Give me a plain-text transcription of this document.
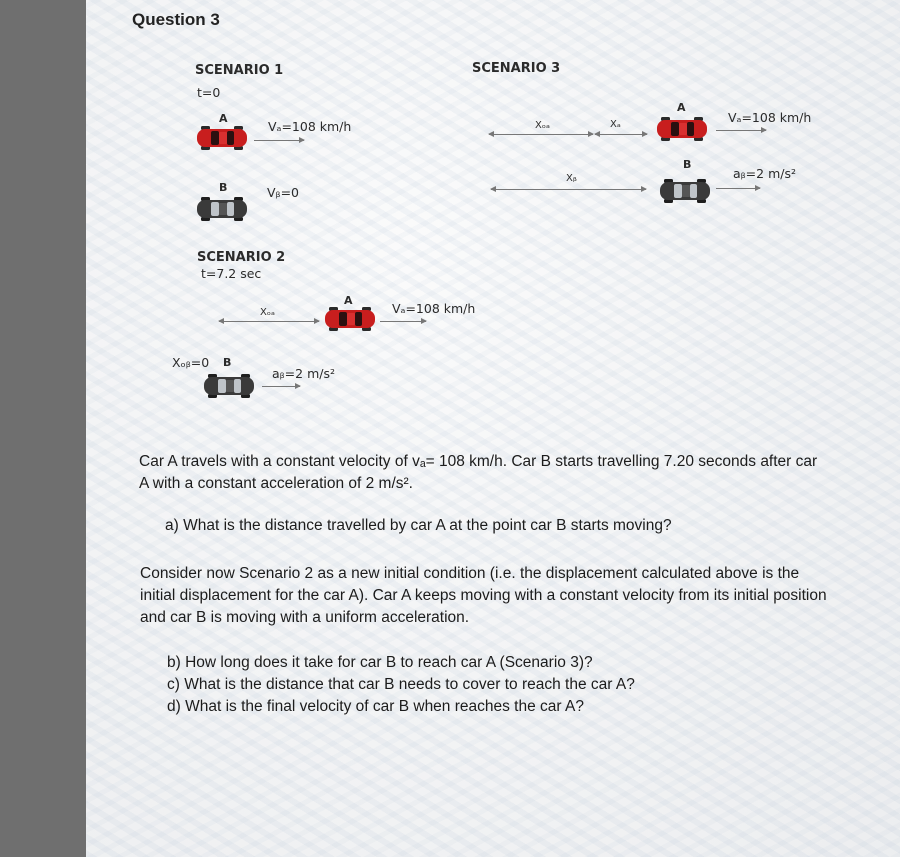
Question 3
SCENARIO 1
t=0
A
Vₐ=108 km/h
B	Vᵦ=0
SCENARIO 2
t=7.2 sec
Xₒₐ
A
Vₐ=108 km/h
Xₒᵦ=0 B
aᵦ=2 m/s²
SCENARIO 3
Xₒₐ	Xₐ
A
Vₐ=108 km/h
Xᵦ
B
aᵦ=2 m/s²
Car A travels with a constant velocity of vₐ= 108 km/h. Car B starts travelling 7.20 seconds after car
A with a constant acceleration of 2 m/s².
a) What is the distance travelled by car A at the point car B starts moving?
Consider now Scenario 2 as a new initial condition (i.e. the displacement calculated above is the
initial displacement for the car A). Car A keeps moving with a constant velocity from its initial position
and car B is moving with a uniform acceleration.
b) How long does it take for car B to reach car A (Scenario 3)?
c) What is the distance that car B needs to cover to reach the car A?
d) What is the final velocity of car B when reaches the car A?
